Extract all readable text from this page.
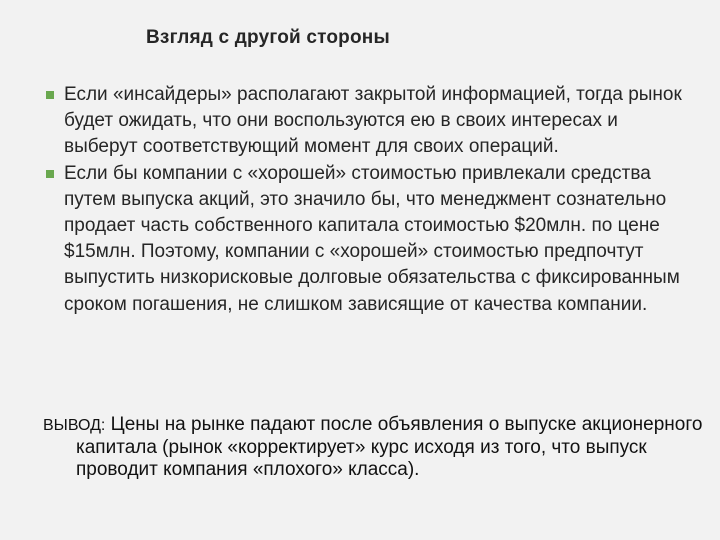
Взгляд с другой стороны
Если «инсайдеры» располагают закрытой информацией, тогда рынок будет ожидать, что они воспользуются ею в своих интересах и выберут соответствующий момент для своих операций.
Если бы компании с «хорошей» стоимостью привлекали средства путем выпуска акций, это значило бы, что менеджмент сознательно продает часть собственного капитала стоимостью $20млн. по цене $15млн. Поэтому, компании с «хорошей» стоимостью предпочтут выпустить низкорисковые долговые обязательства с фиксированным сроком погашения, не слишком зависящие от качества компании.
ВЫВОД: Цены на рынке падают после объявления о выпуске акционерного капитала (рынок «корректирует» курс исходя из того, что выпуск проводит компания «плохого» класса).
